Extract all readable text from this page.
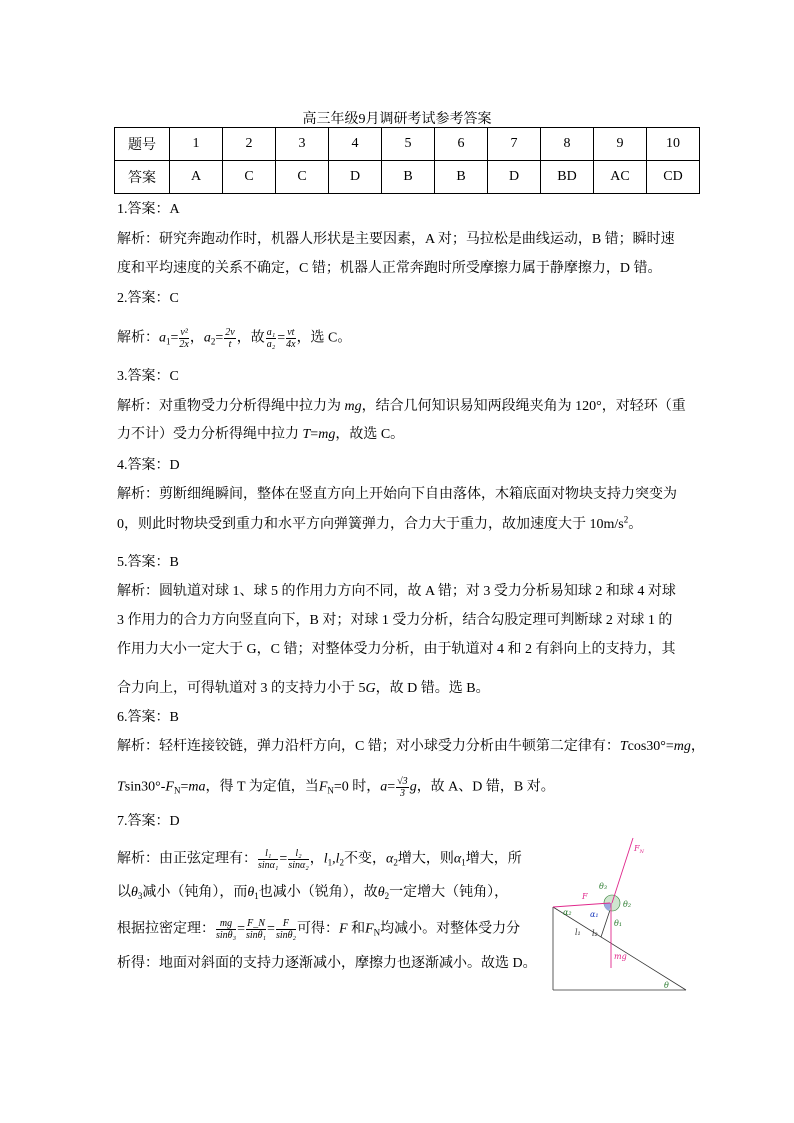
高三年级9月调研考试参考答案
题号	1	2	3	4	5	6	7	8	9	10
答案	A	C	C	D	B	B	D	BD	AC	CD
1.答案：A
解析：研究奔跑动作时，机器人形状是主要因素，A 对；马拉松是曲线运动，B 错；瞬时速
度和平均速度的关系不确定，C 错；机器人正常奔跑时所受摩擦力属于静摩擦力，D 错。
2.答案：C
解析：$a_1= \frac{\text{v²}}{2x}$ ，$a_2= \frac{2v}{t}$ ，故 $\frac{\text{a₁}}{\text{a₂}} = \frac{vt}{4x}$ ，选 C。
3.答案：C
解析：对重物受力分析得绳中拉力为 mg，结合几何知识易知两段绳夹角为 120°，对轻环（重
力不计）受力分析得绳中拉力 T=mg，故选 C。
4.答案：D
解析：剪断细绳瞬间，整体在竖直方向上开始向下自由落体，木箱底面对物块支持力突变为
0，则此时物块受到重力和水平方向弹簧弹力，合力大于重力，故加速度大于 $10m/s^2$。
5.答案：B
解析：圆轨道对球 1、球 5 的作用力方向不同，故 A 错；对 3 受力分析易知球 2 和球 4 对球
3 作用力的合力方向竖直向下，B 对；对球 1 受力分析，结合勾股定理可判断球 2 对球 1 的
作用力大小一定大于 G，C 错；对整体受力分析，由于轨道对 4 和 2 有斜向上的支持力，其
合力向上，可得轨道对 3 的支持力小于 5G，故 D 错。选 B。
6.答案：B
解析：轻杆连接铰链，弹力沿杆方向，C 错；对小球受力分析由牛顿第二定律有：Tcos30°=mg，
$Tsin30^\circ-F_N=ma$，得 T 为定值，当$F_N=0$ 时，$a= \frac{√3}{3}$ g，故 A、D 错，B 对。
7.答案：D
解析：由正弦定理有： $\frac{\text{l₁}}{\text{sinα₁}} = \frac{\text{l₂}}{\text{sinα₂}}$ ，$l_1,l_2$不变，$\alpha_2$增大，则$\alpha_1$增大，所
以$\theta_3$减小（钝角），而$\theta_1$也减小（锐角），故$\theta_2$一定增大（钝角），
根据拉密定理： $\frac{mg}{\text{sinθ₃}} = \frac{F\_N}{\text{sinθ₁}} = \frac{F}{\text{sinθ₂}}$ 可得：F 和$F_N$均减小。对整体受力分
析得：地面对斜面的支持力逐渐减小，摩擦力也逐渐减小。故选 D。
$F_N$
F
θ₃
θ₂
α₁
θ₁
α₂
l₂
l₁
mg
θ
